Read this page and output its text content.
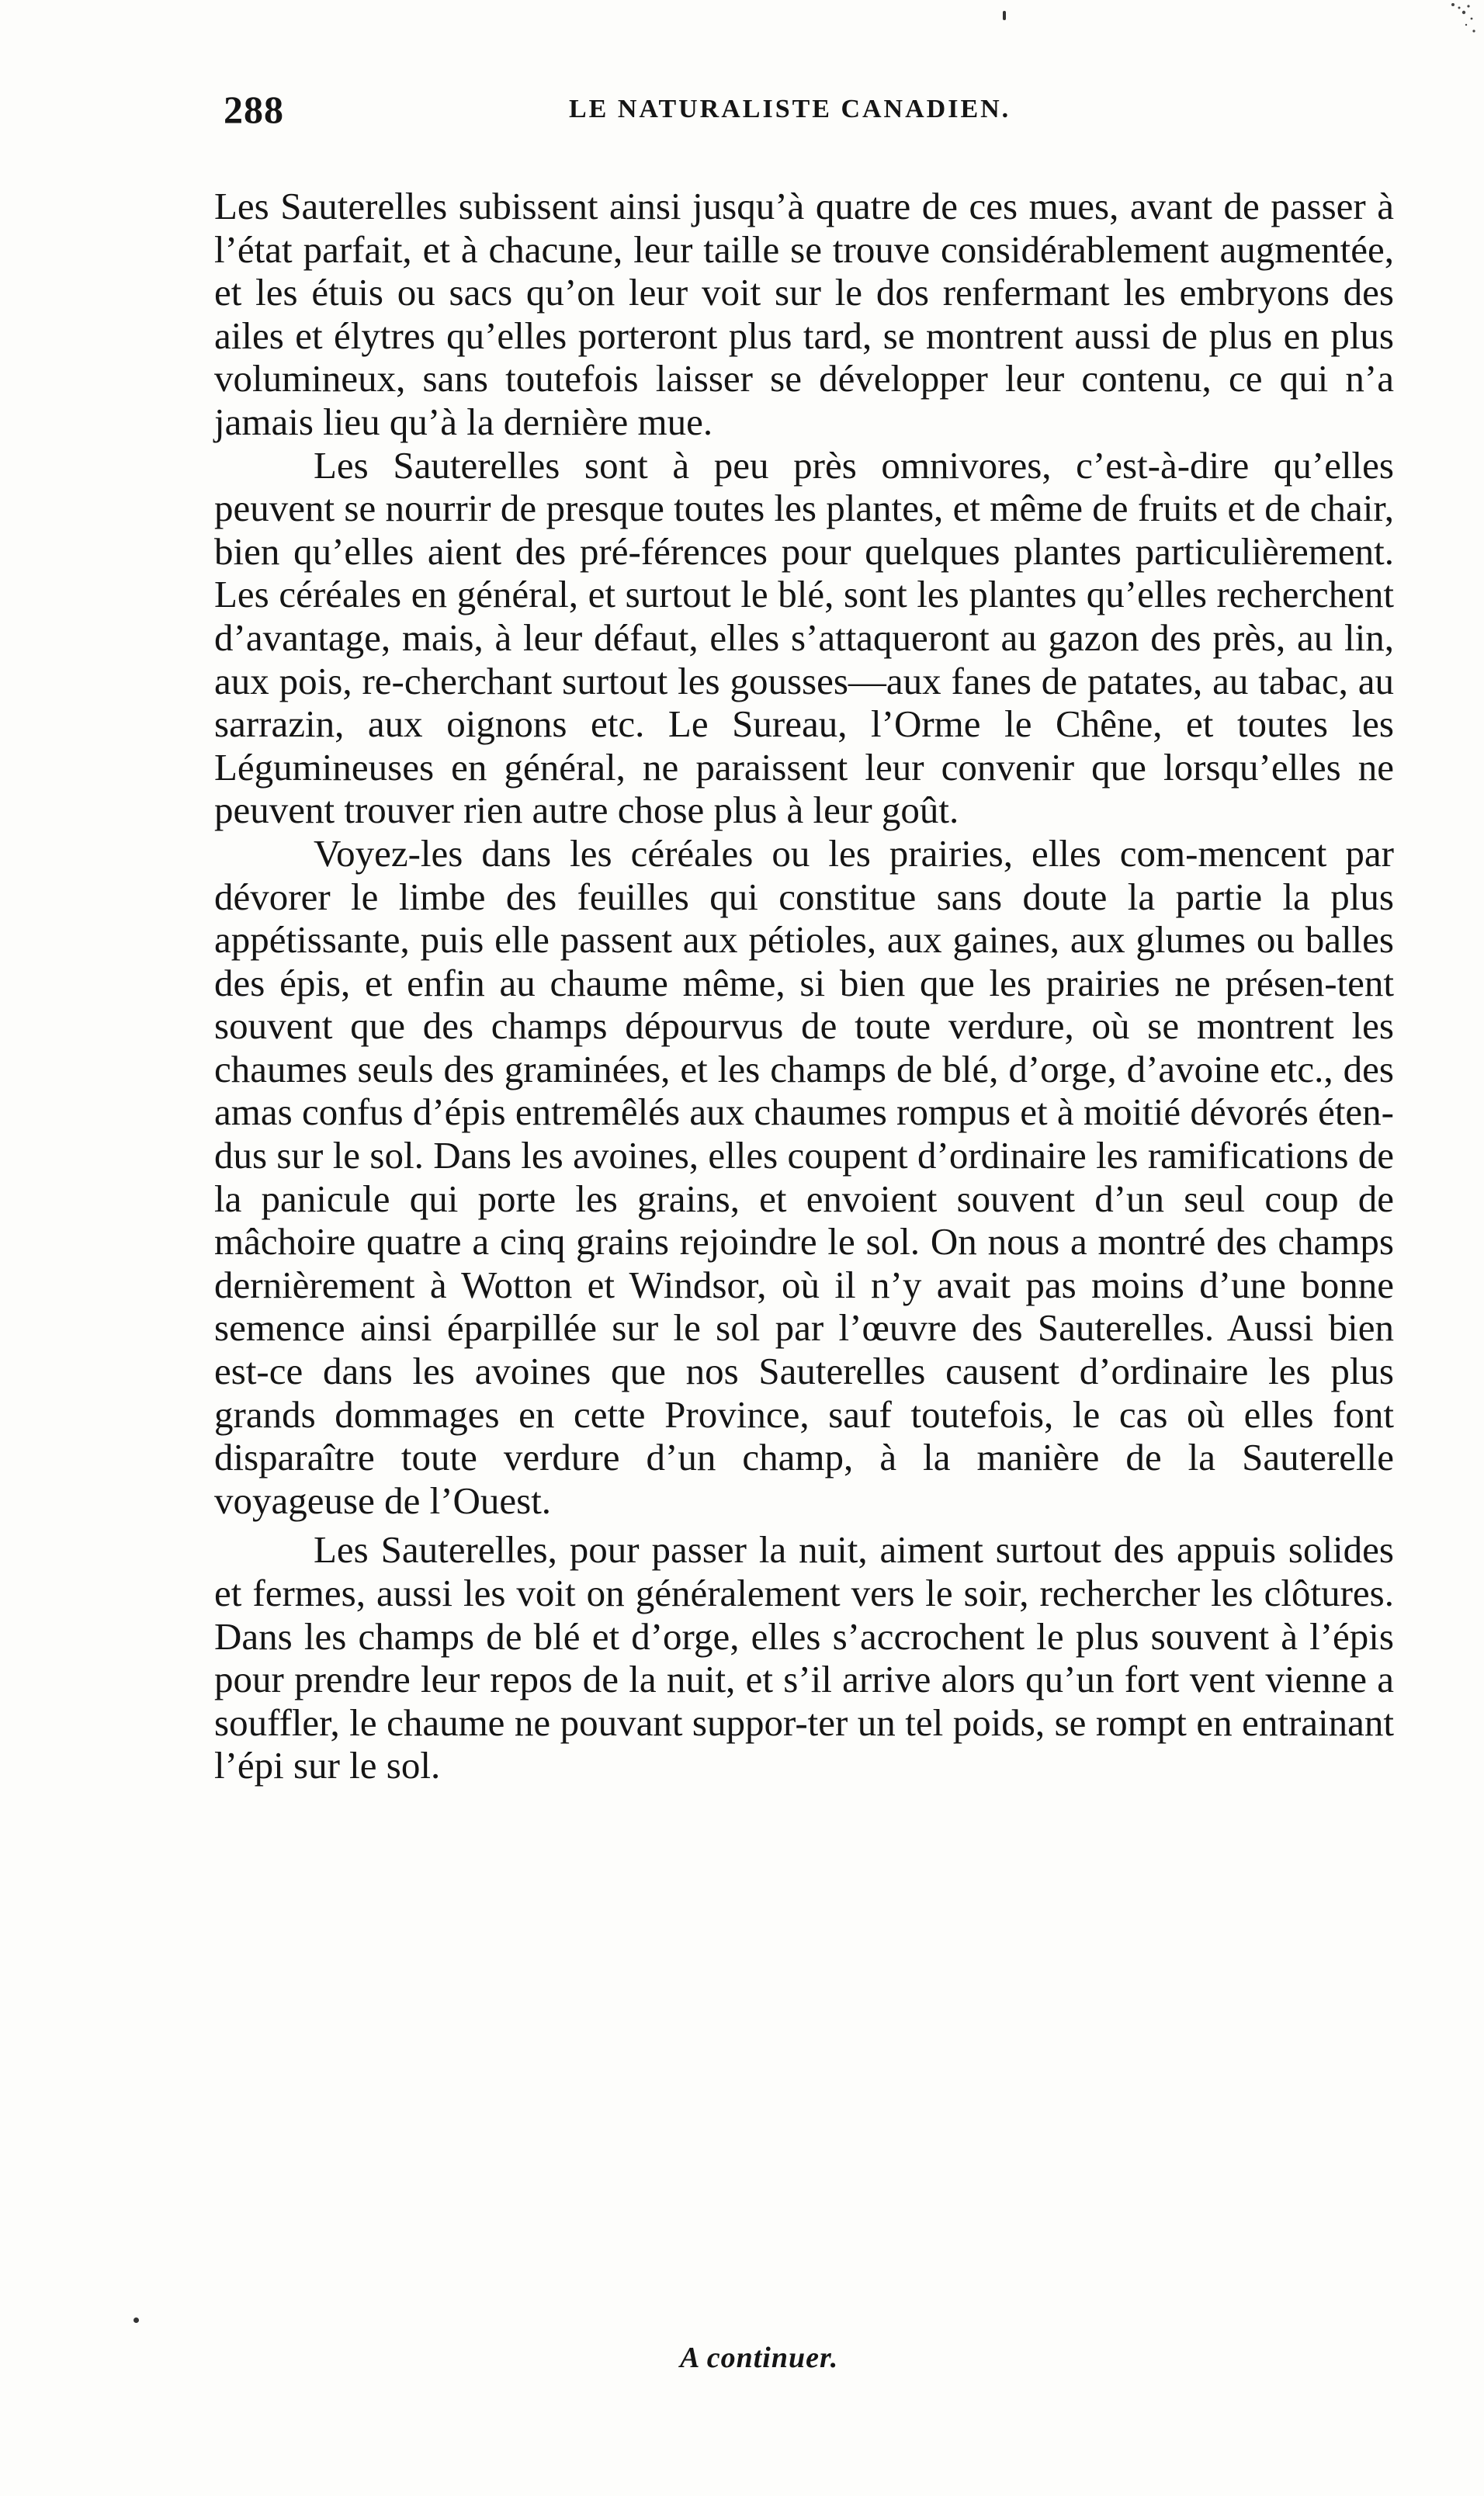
288	LE NATURALISTE CANADIEN.

Les Sauterelles subissent ainsi jusqu’à quatre de ces mues, avant de passer à l’état parfait, et à chacune, leur taille se trouve considérablement augmentée, et les étuis ou sacs qu’on leur voit sur le dos renfermant les embryons des ailes et élytres qu’elles porteront plus tard, se montrent aussi de plus en plus volumineux, sans toutefois laisser se développer leur contenu, ce qui n’a jamais lieu qu’à la dernière mue.

Les Sauterelles sont à peu près omnivores, c’est-à-dire qu’elles peuvent se nourrir de presque toutes les plantes, et même de fruits et de chair, bien qu’elles aient des pré-férences pour quelques plantes particulièrement. Les céréales en général, et surtout le blé, sont les plantes qu’elles recherchent d’avantage, mais, à leur défaut, elles s’attaqueront au gazon des près, au lin, aux pois, re-cherchant surtout les gousses—aux fanes de patates, au tabac, au sarrazin, aux oignons etc. Le Sureau, l’Orme le Chêne, et toutes les Légumineuses en général, ne paraissent leur convenir que lorsqu’elles ne peuvent trouver rien autre chose plus à leur goût.

Voyez-les dans les céréales ou les prairies, elles com-mencent par dévorer le limbe des feuilles qui constitue sans doute la partie la plus appétissante, puis elle passent aux pétioles, aux gaines, aux glumes ou balles des épis, et enfin au chaume même, si bien que les prairies ne présen-tent souvent que des champs dépourvus de toute verdure, où se montrent les chaumes seuls des graminées, et les champs de blé, d’orge, d’avoine etc., des amas confus d’épis entremêlés aux chaumes rompus et à moitié dévorés éten-dus sur le sol. Dans les avoines, elles coupent d’ordinaire les ramifications de la panicule qui porte les grains, et envoient souvent d’un seul coup de mâchoire quatre a cinq grains rejoindre le sol. On nous a montré des champs dernièrement à Wotton et Windsor, où il n’y avait pas moins d’une bonne semence ainsi éparpillée sur le sol par l’œuvre des Sauterelles. Aussi bien est-ce dans les avoines que nos Sauterelles causent d’ordinaire les plus grands dommages en cette Province, sauf toutefois, le cas où elles font disparaître toute verdure d’un champ, à la manière de la Sauterelle voyageuse de l’Ouest.

Les Sauterelles, pour passer la nuit, aiment surtout des appuis solides et fermes, aussi les voit on généralement vers le soir, rechercher les clôtures. Dans les champs de blé et d’orge, elles s’accrochent le plus souvent à l’épis pour prendre leur repos de la nuit, et s’il arrive alors qu’un fort vent vienne a souffler, le chaume ne pouvant suppor-ter un tel poids, se rompt en entrainant l’épi sur le sol.

A continuer.
